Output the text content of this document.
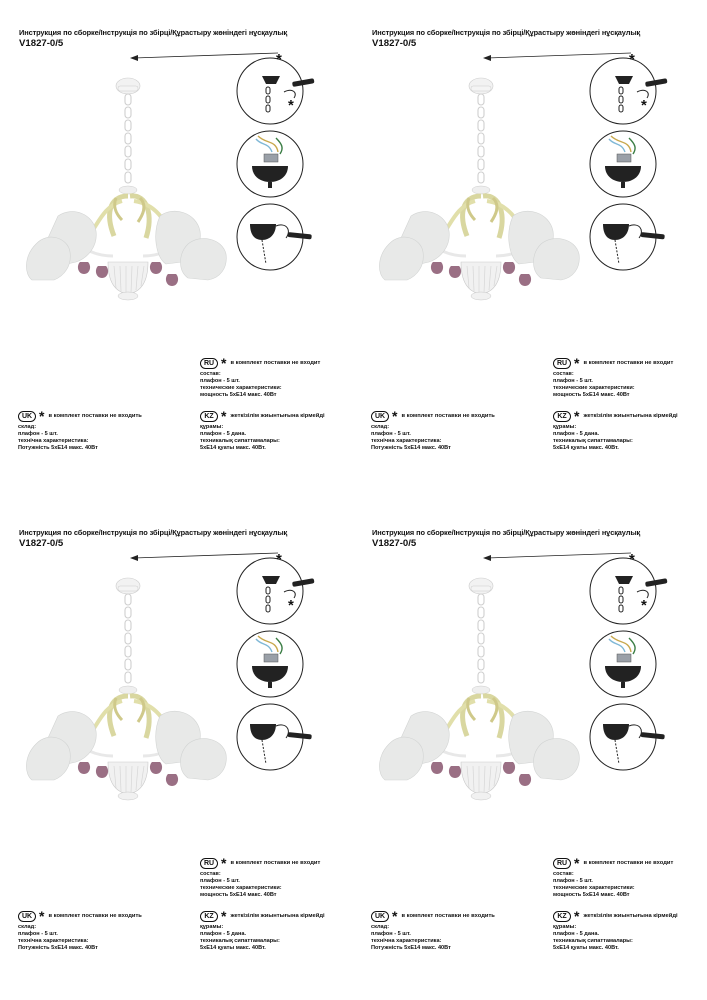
Инструкция по сборке/Інструкція по збірці/Құрастыру жөніндегі нұсқаулық
V1827-0/5
*
*
RU * в комплект поставки не входит
состав:
плафон - 5 шт.
технические характеристики:
мощность 5xE14 макс. 40Вт
UK * в комплект поставки не входить
склад:
плафон - 5 шт.
технічна характеристика:
Потужність 5xE14 макс. 40Вт
KZ * жеткізілім жиынтығына кірмейді
құрамы:
плафон - 5 дана.
техникалық сипаттамалары:
5xE14 қуаты макс. 40Вт.
Инструкция по сборке/Інструкція по збірці/Құрастыру жөніндегі нұсқаулық
V1827-0/5
*
*
RU * в комплект поставки не входит
состав:
плафон - 5 шт.
технические характеристики:
мощность 5xE14 макс. 40Вт
UK * в комплект поставки не входить
склад:
плафон - 5 шт.
технічна характеристика:
Потужність 5xE14 макс. 40Вт
KZ * жеткізілім жиынтығына кірмейді
құрамы:
плафон - 5 дана.
техникалық сипаттамалары:
5xE14 қуаты макс. 40Вт.
Инструкция по сборке/Інструкція по збірці/Құрастыру жөніндегі нұсқаулық
V1827-0/5
*
*
RU * в комплект поставки не входит
состав:
плафон - 5 шт.
технические характеристики:
мощность 5xE14 макс. 40Вт
UK * в комплект поставки не входить
склад:
плафон - 5 шт.
технічна характеристика:
Потужність 5xE14 макс. 40Вт
KZ * жеткізілім жиынтығына кірмейді
құрамы:
плафон - 5 дана.
техникалық сипаттамалары:
5xE14 қуаты макс. 40Вт.
Инструкция по сборке/Інструкція по збірці/Құрастыру жөніндегі нұсқаулық
V1827-0/5
*
*
RU * в комплект поставки не входит
состав:
плафон - 5 шт.
технические характеристики:
мощность 5xE14 макс. 40Вт
UK * в комплект поставки не входить
склад:
плафон - 5 шт.
технічна характеристика:
Потужність 5xE14 макс. 40Вт
KZ * жеткізілім жиынтығына кірмейді
құрамы:
плафон - 5 дана.
техникалық сипаттамалары:
5xE14 қуаты макс. 40Вт.
